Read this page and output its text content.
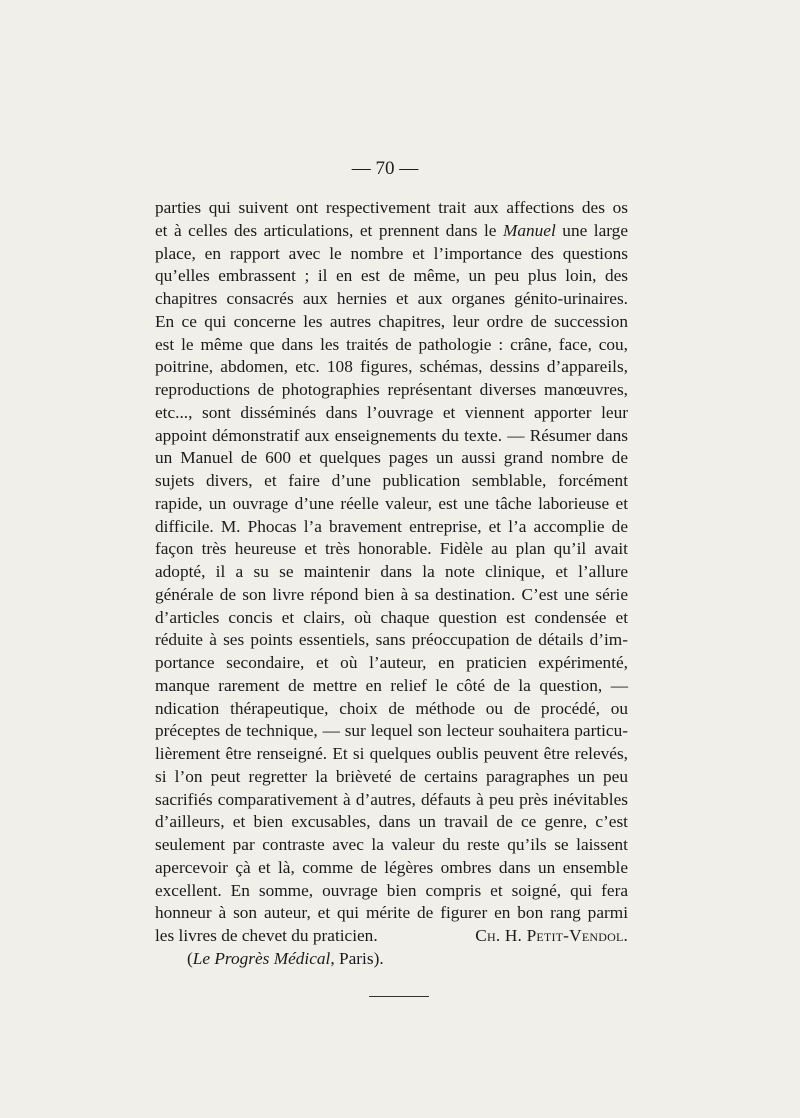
— 70 —
parties qui suivent ont respectivement trait aux affections des os
et à celles des articulations, et prennent dans le Manuel une large
place, en rapport avec le nombre et l’importance des questions
qu’elles embrassent ; il en est de même, un peu plus loin, des
chapitres consacrés aux hernies et aux organes génito-urinaires.
En ce qui concerne les autres chapitres, leur ordre de succession
est le même que dans les traités de pathologie : crâne, face, cou,
poitrine, abdomen, etc. 108 figures, schémas, dessins d’appareils,
reproductions de photographies représentant diverses manœuvres,
etc..., sont disséminés dans l’ouvrage et viennent apporter leur
appoint démonstratif aux enseignements du texte. — Résumer dans
un Manuel de 600 et quelques pages un aussi grand nombre de
sujets divers, et faire d’une publication semblable, forcément
rapide, un ouvrage d’une réelle valeur, est une tâche laborieuse et
difficile. M. Phocas l’a bravement entreprise, et l’a accomplie de
façon très heureuse et très honorable. Fidèle au plan qu’il avait
adopté, il a su se maintenir dans la note clinique, et l’allure
générale de son livre répond bien à sa destination. C’est une série
d’articles concis et clairs, où chaque question est condensée et
réduite à ses points essentiels, sans préoccupation de détails d’im-
portance secondaire, et où l’auteur, en praticien expérimenté,
manque rarement de mettre en relief le côté de la question, —
ndication thérapeutique, choix de méthode ou de procédé, ou
préceptes de technique, — sur lequel son lecteur souhaitera particu-
lièrement être renseigné. Et si quelques oublis peuvent être relevés,
si l’on peut regretter la brièveté de certains paragraphes un peu
sacrifiés comparativement à d’autres, défauts à peu près inévitables
d’ailleurs, et bien excusables, dans un travail de ce genre, c’est
seulement par contraste avec la valeur du reste qu’ils se laissent
apercevoir çà et là, comme de légères ombres dans un ensemble
excellent. En somme, ouvrage bien compris et soigné, qui fera
honneur à son auteur, et qui mérite de figurer en bon rang parmi
les livres de chevet du praticien.	Ch. H. Petit-Vendol.
(Le Progrès Médical, Paris).
